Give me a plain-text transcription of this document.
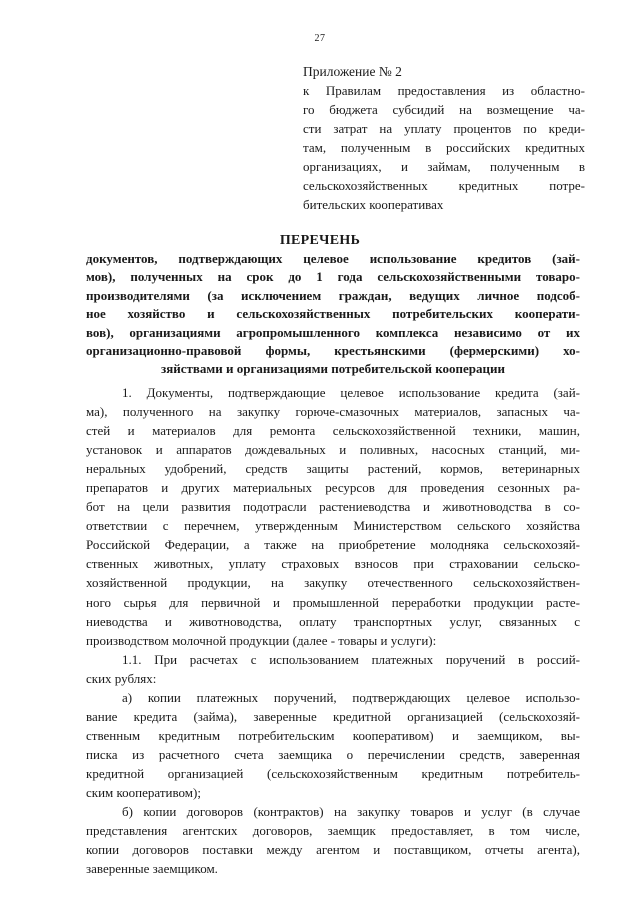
27
Приложение № 2
к Правилам предоставления из областно-
го бюджета субсидий на возмещение ча-
сти затрат на уплату процентов по креди-
там, полученным в российских кредитных
организациях, и займам, полученным в
сельскохозяйственных кредитных потре-
бительских кооперативах
ПЕРЕЧЕНЬ
документов, подтверждающих целевое использование кредитов (зай-
мов), полученных на срок до 1 года сельскохозяйственными товаро-
производителями (за исключением граждан, ведущих личное подсоб-
ное хозяйство и сельскохозяйственных потребительских кооперати-
вов), организациями агропромышленного комплекса независимо от их
организационно-правовой формы, крестьянскими (фермерскими) хо-
зяйствами и организациями потребительской кооперации
1. Документы, подтверждающие целевое использование кредита (зай-
ма), полученного на закупку горюче-смазочных материалов, запасных ча-
стей и материалов для ремонта сельскохозяйственной техники, машин,
установок и аппаратов дождевальных и поливных, насосных станций, ми-
неральных удобрений, средств защиты растений, кормов, ветеринарных
препаратов и других материальных ресурсов для проведения сезонных ра-
бот на цели развития подотрасли растениеводства и животноводства в со-
ответствии с перечнем, утвержденным Министерством сельского хозяйства
Российской Федерации, а также на приобретение молодняка сельскохозяй-
ственных животных, уплату страховых взносов при страховании сельско-
хозяйственной продукции, на закупку отечественного сельскохозяйствен-
ного сырья для первичной и промышленной переработки продукции расте-
ниеводства и животноводства, оплату транспортных услуг, связанных с
производством молочной продукции (далее - товары и услуги):
1.1. При расчетах с использованием платежных поручений в россий-
ских рублях:
а) копии платежных поручений, подтверждающих целевое использо-
вание кредита (займа), заверенные кредитной организацией (сельскохозяй-
ственным кредитным потребительским кооперативом) и заемщиком, вы-
писка из расчетного счета заемщика о перечислении средств, заверенная
кредитной организацией (сельскохозяйственным кредитным потребитель-
ским кооперативом);
б) копии договоров (контрактов) на закупку товаров и услуг (в случае
представления агентских договоров, заемщик предоставляет, в том числе,
копии договоров поставки между агентом и поставщиком, отчеты агента),
заверенные заемщиком.
